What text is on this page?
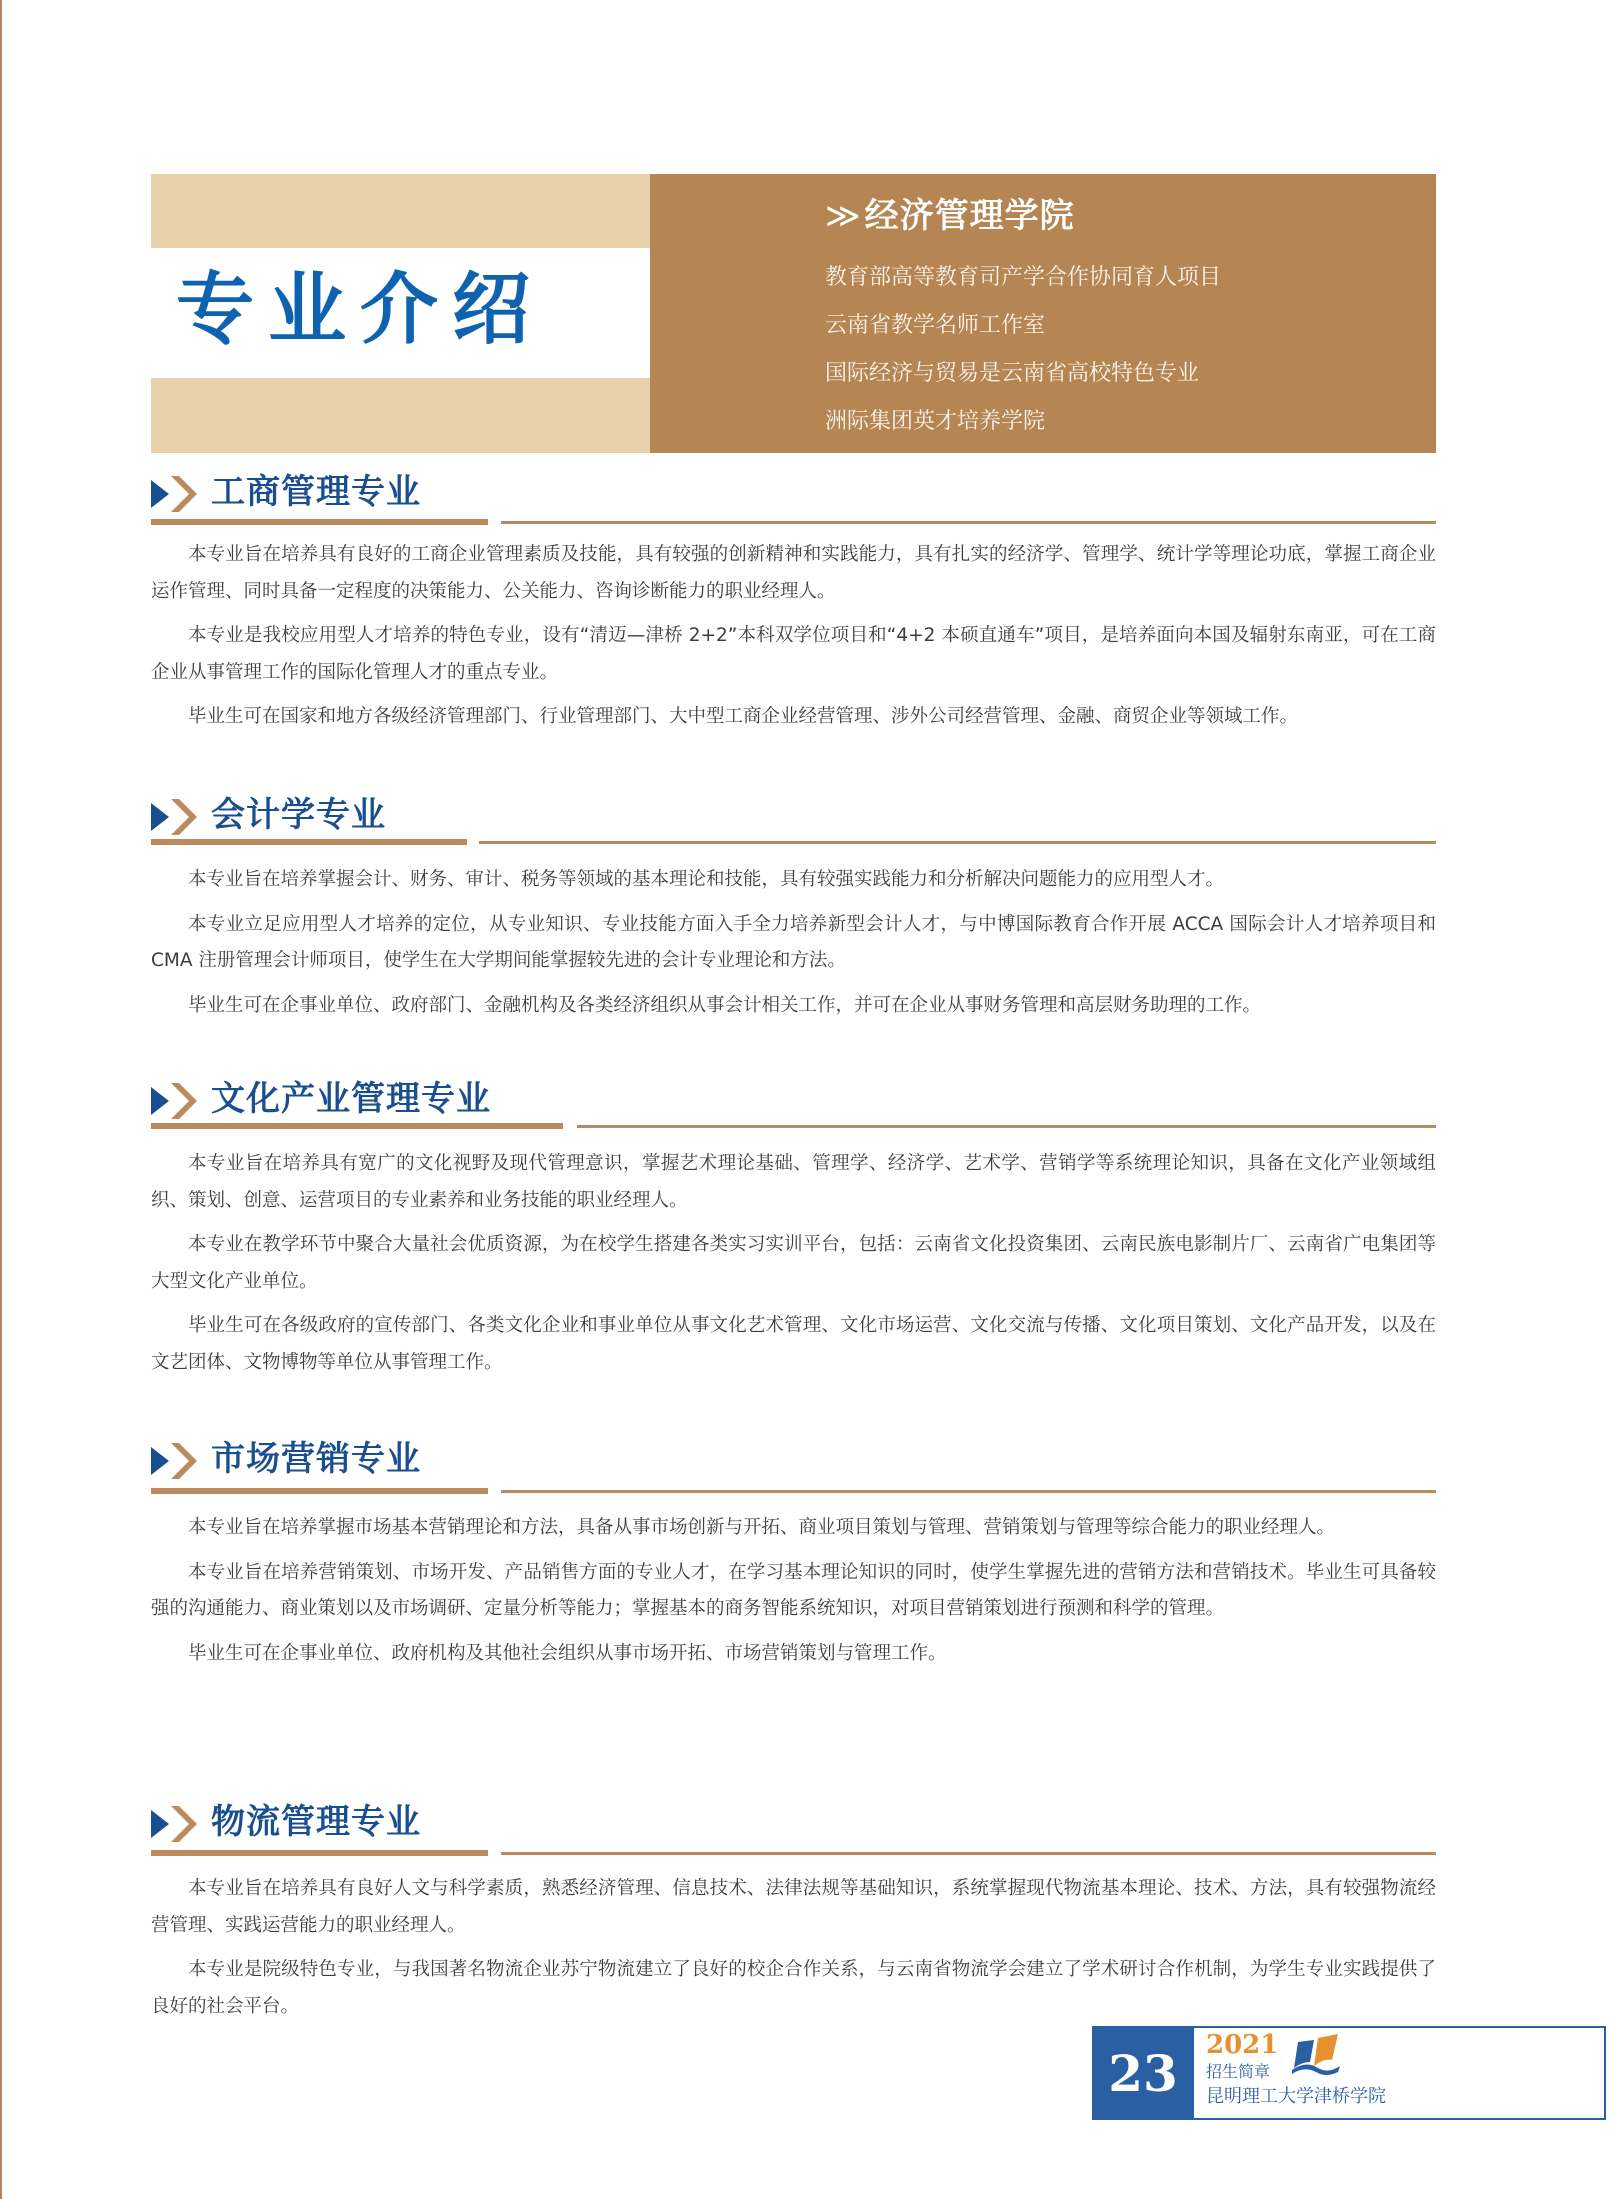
专业介绍
≫ 经济管理学院
教育部高等教育司产学合作协同育人项目
云南省教学名师工作室
国际经济与贸易是云南省高校特色专业
洲际集团英才培养学院
工商管理专业

本专业旨在培养具有良好的工商企业管理素质及技能，具有较强的创新精神和实践能力，具有扎实的经济学、管理学、统计学等理论功底，掌握工商企业运作管理、同时具备一定程度的决策能力、公关能力、咨询诊断能力的职业经理人。

本专业是我校应用型人才培养的特色专业，设有“清迈—津桥 2+2”本科双学位项目和“4+2 本硕直通车”项目，是培养面向本国及辐射东南亚，可在工商企业从事管理工作的国际化管理人才的重点专业。

毕业生可在国家和地方各级经济管理部门、行业管理部门、大中型工商企业经营管理、涉外公司经营管理、金融、商贸企业等领域工作。

会计学专业

本专业旨在培养掌握会计、财务、审计、税务等领域的基本理论和技能，具有较强实践能力和分析解决问题能力的应用型人才。

本专业立足应用型人才培养的定位，从专业知识、专业技能方面入手全力培养新型会计人才，与中博国际教育合作开展 ACCA 国际会计人才培养项目和 CMA 注册管理会计师项目，使学生在大学期间能掌握较先进的会计专业理论和方法。

毕业生可在企事业单位、政府部门、金融机构及各类经济组织从事会计相关工作，并可在企业从事财务管理和高层财务助理的工作。

文化产业管理专业

本专业旨在培养具有宽广的文化视野及现代管理意识，掌握艺术理论基础、管理学、经济学、艺术学、营销学等系统理论知识，具备在文化产业领域组织、策划、创意、运营项目的专业素养和业务技能的职业经理人。

本专业在教学环节中聚合大量社会优质资源，为在校学生搭建各类实习实训平台，包括：云南省文化投资集团、云南民族电影制片厂、云南省广电集团等大型文化产业单位。

毕业生可在各级政府的宣传部门、各类文化企业和事业单位从事文化艺术管理、文化市场运营、文化交流与传播、文化项目策划、文化产品开发，以及在文艺团体、文物博物等单位从事管理工作。

市场营销专业

本专业旨在培养掌握市场基本营销理论和方法，具备从事市场创新与开拓、商业项目策划与管理、营销策划与管理等综合能力的职业经理人。

本专业旨在培养营销策划、市场开发、产品销售方面的专业人才，在学习基本理论知识的同时，使学生掌握先进的营销方法和营销技术。毕业生可具备较强的沟通能力、商业策划以及市场调研、定量分析等能力；掌握基本的商务智能系统知识，对项目营销策划进行预测和科学的管理。

毕业生可在企事业单位、政府机构及其他社会组织从事市场开拓、市场营销策划与管理工作。

物流管理专业

本专业旨在培养具有良好人文与科学素质，熟悉经济管理、信息技术、法律法规等基础知识，系统掌握现代物流基本理论、技术、方法，具有较强物流经营管理、实践运营能力的职业经理人。

本专业是院级特色专业，与我国著名物流企业苏宁物流建立了良好的校企合作关系，与云南省物流学会建立了学术研讨合作机制，为学生专业实践提供了良好的社会平台。

23	2021
招生简章
昆明理工大学津桥学院
